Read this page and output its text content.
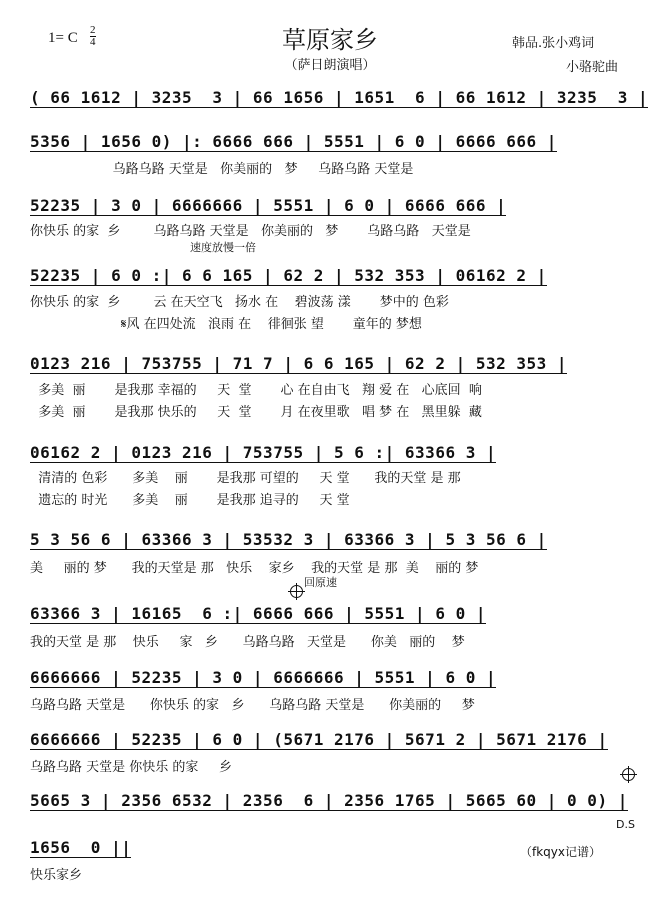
草原家乡
（萨日朗演唱）
1= C 2
4	韩品.张小鸡词
小骆驼曲
( 66 1612 | 3235  3 | 66 1656 | 1651  6 | 66 1612 | 3235  3 |
5356 | 1656 0) |: 6666 666 | 5551 | 6 0 | 6666 666 |
乌路乌路 天堂是   你美丽的   梦     乌路乌路 天堂是
52235 | 3 0 | 6666666 | 5551 | 6 0 | 6666 666 |
你快乐 的家  乡        乌路乌路 天堂是   你美丽的   梦       乌路乌路   天堂是
速度放慢一倍
52235 | 6 0 :| 6 6 165 | 62 2 | 532 353 | 06162 2 |
你快乐 的家  乡        云 在天空飞   扬水 在    碧波荡 漾       梦中的 色彩
𝄋风 在四处流   浪雨 在    徘徊张 望       童年的 梦想
0123 216 | 753755 | 71 7 | 6 6 165 | 62 2 | 532 353 |
多美  丽       是我那 幸福的     天  堂       心 在自由飞   翔 爱 在   心底回  响
多美  丽       是我那 快乐的     天  堂       月 在夜里歌   唱 梦 在   黑里躲  藏
06162 2 | 0123 216 | 753755 | 5 6 :| 63366 3 |
清清的 色彩      多美    丽       是我那 可望的     天 堂      我的天堂 是 那
遗忘的 时光      多美    丽       是我那 追寻的     天 堂
5 3 56 6 | 63366 3 | 53532 3 | 63366 3 | 5 3 56 6 |
美     丽的 梦      我的天堂是 那   快乐    家乡    我的天堂 是 那  美    丽的 梦
回原速
63366 3 | 16165  6 :| 6666 666 | 5551 | 6 0 |
我的天堂 是 那    快乐     家   乡      乌路乌路   天堂是      你美   丽的    梦
6666666 | 52235 | 3 0 | 6666666 | 5551 | 6 0 |
乌路乌路 天堂是      你快乐 的家   乡      乌路乌路 天堂是      你美丽的     梦
6666666 | 52235 | 6 0 | (5671 2176 | 5671 2 | 5671 2176 |
乌路乌路 天堂是 你快乐 的家     乡
5665 3 | 2356 6532 | 2356  6 | 2356 1765 | 5665 60 | 0 0) |
D.S
1656  0 ||
快乐家乡
（fkqyx记谱）
